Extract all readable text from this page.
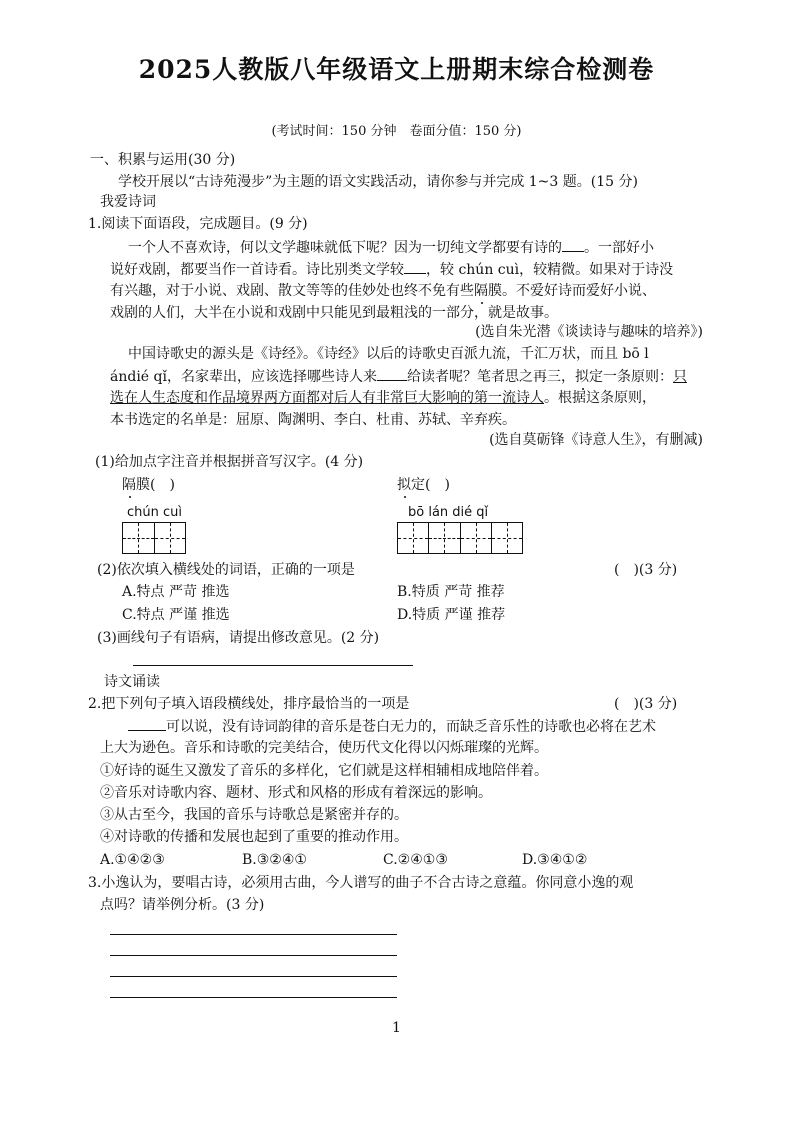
2025人教版八年级语文上册期末综合检测卷
(考试时间：150 分钟　卷面分值：150 分)
一、积累与运用(30 分)
学校开展以“古诗苑漫步”为主题的语文实践活动，请你参与并完成 1~3 题。(15 分)
我爱诗词
1.阅读下面语段，完成题目。(9 分)
一个人不喜欢诗，何以文学趣味就低下呢？因为一切纯文学都要有诗的 。一部好小
说好戏剧，都要当作一首诗看。诗比别类文学较 ，较 chún cuì，较精微。如果对于诗没
有兴趣，对于小说、戏剧、散文等等的佳妙处也终不免有些隔膜。不爱好诗而爱好小说、
戏剧的人们，大半在小说和戏剧中只能见到最粗浅的一部分，就是故事。
(选自朱光潜《谈读诗与趣味的培养》)
中国诗歌史的源头是《诗经》。《诗经》以后的诗歌史百派九流，千汇万状，而且 bō l
ándié qǐ，名家辈出，应该选择哪些诗人来 给读者呢？笔者思之再三，拟定一条原则：只
选在人生态度和作品境界两方面都对后人有非常巨大影响的第一流诗人。根据这条原则，
本书选定的名单是：屈原、陶渊明、李白、杜甫、苏轼、辛弃疾。
(选自莫砺锋《诗意人生》，有删减)
(1)给加点字注音并根据拼音写汉字。(4 分)
隔膜(　)	拟定(　)
chún cuì	bō lán dié qǐ
(2)依次填入横线处的词语，正确的一项是	(　)(3 分)
A.特点 严苛 推选	B.特质 严苛 推荐
C.特点 严谨 推选	D.特质 严谨 推荐
(3)画线句子有语病，请提出修改意见。(2 分)
诗文诵读
2.把下列句子填入语段横线处，排序最恰当的一项是	(　)(3 分)
可以说，没有诗词韵律的音乐是苍白无力的，而缺乏音乐性的诗歌也必将在艺术
上大为逊色。音乐和诗歌的完美结合，使历代文化得以闪烁璀璨的光辉。
①好诗的诞生又激发了音乐的多样化，它们就是这样相辅相成地陪伴着。
②音乐对诗歌内容、题材、形式和风格的形成有着深远的影响。
③从古至今，我国的音乐与诗歌总是紧密并存的。
④对诗歌的传播和发展也起到了重要的推动作用。
A.①④②③	B.③②④①	C.②④①③	D.③④①②
3.小逸认为，要唱古诗，必须用古曲，今人谱写的曲子不合古诗之意蕴。你同意小逸的观
点吗？请举例分析。(3 分)
1
